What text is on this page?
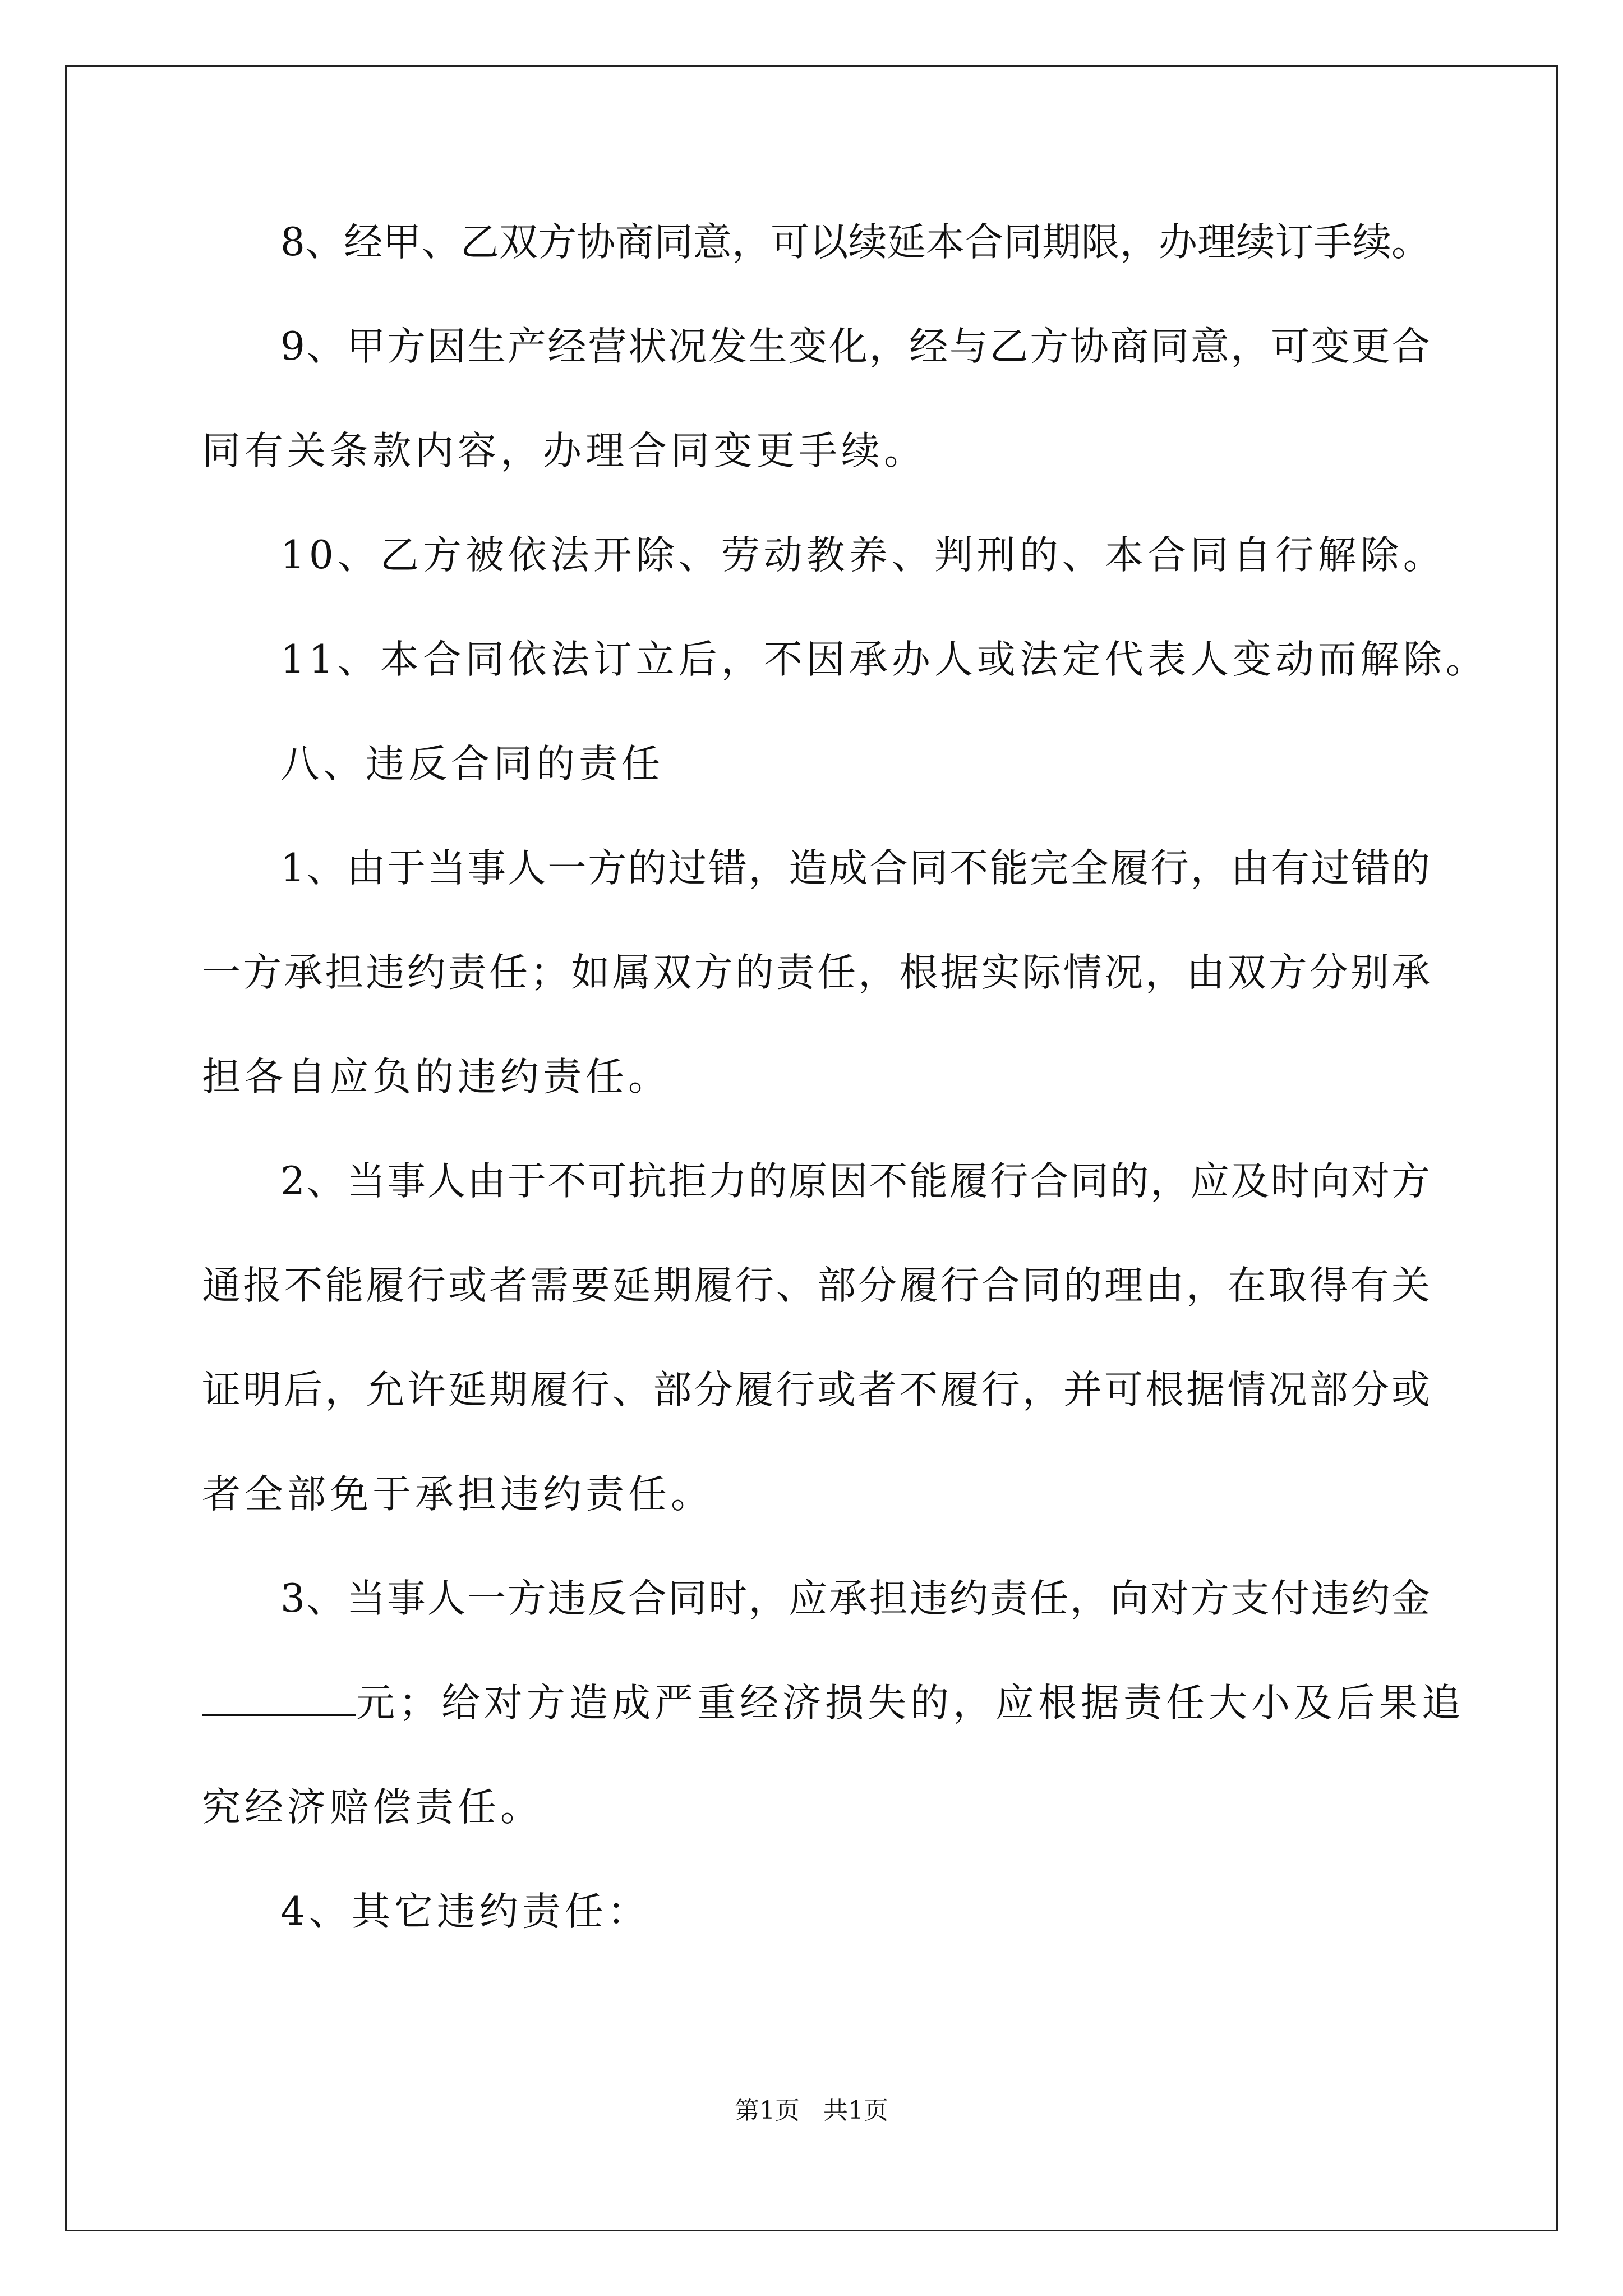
8、经甲、乙双方协商同意，可以续延本合同期限，办理续订手续。
9、甲方因生产经营状况发生变化，经与乙方协商同意，可变更合
同有关条款内容，办理合同变更手续。
10、乙方被依法开除、劳动教养、判刑的、本合同自行解除。
11、本合同依法订立后，不因承办人或法定代表人变动而解除。
八、违反合同的责任
1、由于当事人一方的过错，造成合同不能完全履行，由有过错的
一方承担违约责任；如属双方的责任，根据实际情况，由双方分别承
担各自应负的违约责任。
2、当事人由于不可抗拒力的原因不能履行合同的，应及时向对方
通报不能履行或者需要延期履行、部分履行合同的理由，在取得有关
证明后，允许延期履行、部分履行或者不履行，并可根据情况部分或
者全部免于承担违约责任。
3、当事人一方违反合同时，应承担违约责任，向对方支付违约金
元；给对方造成严重经济损失的，应根据责任大小及后果追
究经济赔偿责任。
4、其它违约责任：
第1页   共1页
